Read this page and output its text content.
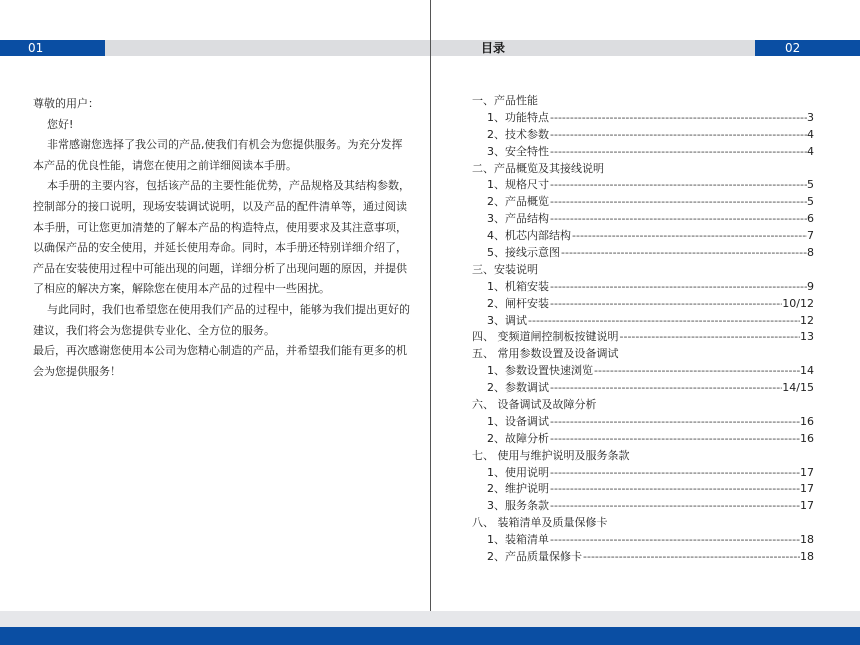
01	目录	02

尊敬的用户：

您好!

非常感谢您选择了我公司的产品,使我们有机会为您提供服务。为充分发挥本产品的优良性能，请您在使用之前详细阅读本手册。

本手册的主要内容，包括该产品的主要性能优势，产品规格及其结构参数，控制部分的接口说明，现场安装调试说明，以及产品的配件清单等，通过阅读本手册，可让您更加清楚的了解本产品的构造特点，使用要求及其注意事项，以确保产品的安全使用，并延长使用寿命。同时，本手册还特别详细介绍了，产品在安装使用过程中可能出现的问题，详细分析了出现问题的原因，并提供了相应的解决方案，解除您在使用本产品的过程中一些困扰。

与此同时，我们也希望您在使用我们产品的过程中，能够为我们提出更好的建议，我们将会为您提供专业化、全方位的服务。

最后，再次感谢您使用本公司为您精心制造的产品，并希望我们能有更多的机会为您提供服务！

一、产品性能
1、功能特点 -----	3
2、技术参数 -----	4
3、安全特性 -----	4
二、产品概览及其接线说明
1、规格尺寸 -----	5
2、产品概览 -----	5
3、产品结构 -----	6
4、机芯内部结构 -----	7
5、接线示意图 -----	8
三、安装说明
1、机箱安装 -----	9
2、闸杆安装 -----	10/12
3、调试 -----	12
四、 变频道闸控制板按键说明 -----	13
五、 常用参数设置及设备调试
1、参数设置快速浏览 -----	14
2、参数调试 -----	14/15
六、 设备调试及故障分析
1、设备调试 -----	16
2、故障分析 -----	16
七、 使用与维护说明及服务条款
1、使用说明 -----	17
2、维护说明 -----	17
3、服务条款 -----	17
八、 装箱清单及质量保修卡
1、装箱清单 -----	18
2、产品质量保修卡 -----	18
